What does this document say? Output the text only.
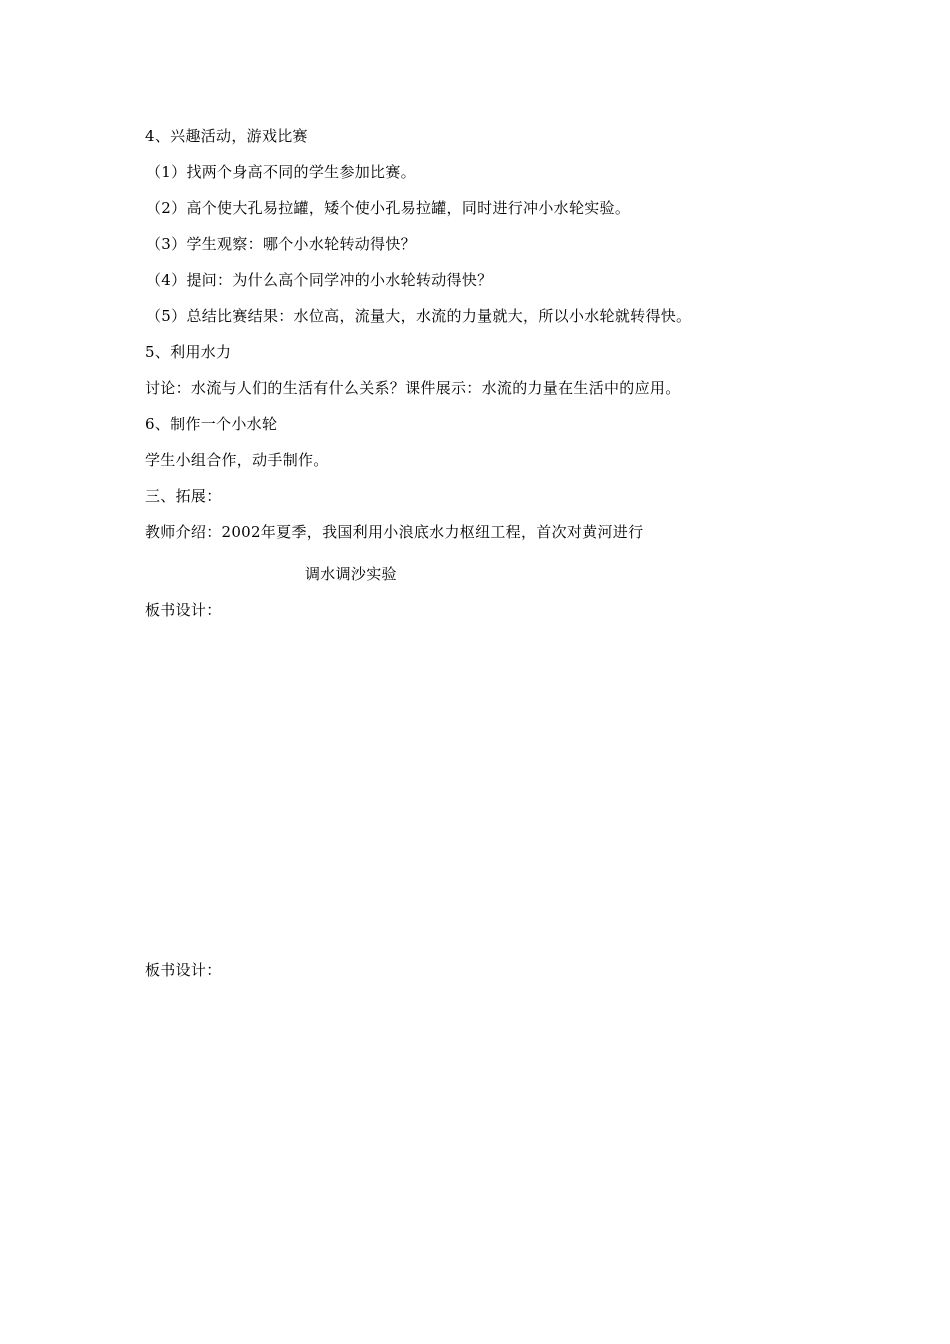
4、兴趣活动，游戏比赛
（1）找两个身高不同的学生参加比赛。
（2）高个使大孔易拉罐，矮个使小孔易拉罐，同时进行冲小水轮实验。
（3）学生观察：哪个小水轮转动得快？
（4）提问：为什么高个同学冲的小水轮转动得快？
（5）总结比赛结果：水位高，流量大，水流的力量就大，所以小水轮就转得快。
5、利用水力
讨论：水流与人们的生活有什么关系？课件展示：水流的力量在生活中的应用。
6、制作一个小水轮
学生小组合作，动手制作。
三、拓展：
教师介绍：2002年夏季，我国利用小浪底水力枢纽工程，首次对黄河进行
调水调沙实验
板书设计：
板书设计：
